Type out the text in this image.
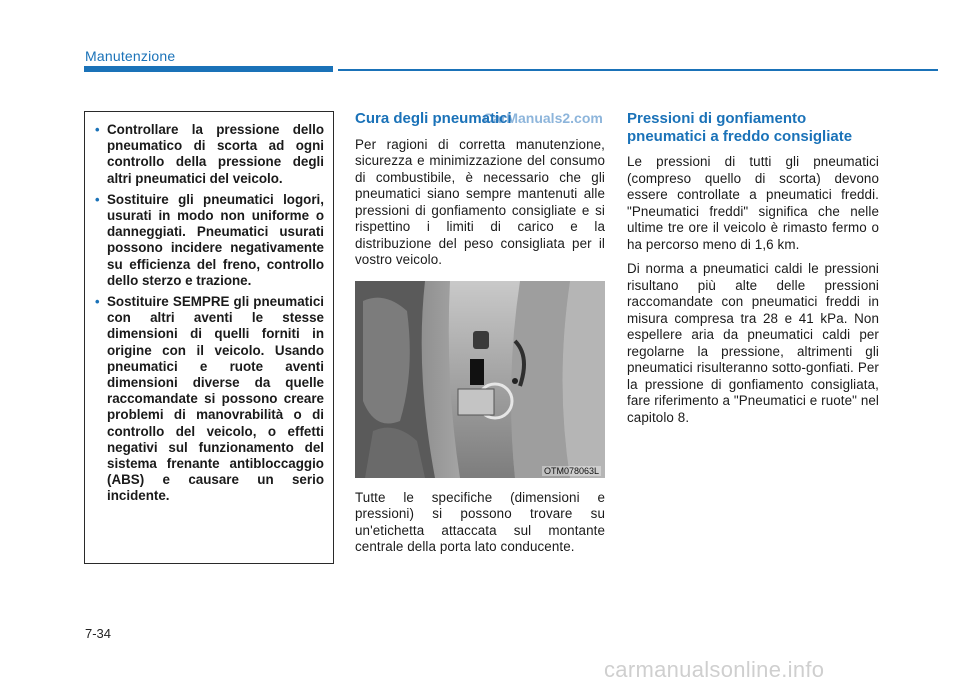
Manutenzione
• Controllare la pressione dello pneumatico di scorta ad ogni controllo della pressione degli altri pneumatici del veicolo.
• Sostituire gli pneumatici logori, usurati in modo non uniforme o danneggiati. Pneumatici usurati possono incidere negativamente su efficienza del freno, controllo dello sterzo e trazione.
• Sostituire SEMPRE gli pneumatici con altri aventi le stesse dimensioni di quelli forniti in origine con il veicolo. Usando pneumatici e ruote aventi dimensioni diverse da quelle raccomandate si possono creare problemi di manovrabilità o di controllo del veicolo, o effetti negativi sul funzionamento del sistema frenante antibloccaggio (ABS) e causare un serio incidente.
Cura degli pneumatici

Per ragioni di corretta manutenzione, sicurezza e minimizzazione del consumo di combustibile, è necessario che gli pneumatici siano sempre mantenuti alle pressioni di gonfiamento consigliate e si rispettino i limiti di carico e la distribuzione del peso consigliata per il vostro veicolo.

OTM078063L

Tutte le specifiche (dimensioni e pressioni) si possono trovare su un'etichetta attaccata sul montante centrale della porta lato conducente.

Pressioni di gonfiamento pneumatici a freddo consigliate

Le pressioni di tutti gli pneumatici (compreso quello di scorta) devono essere controllate a pneumatici freddi. "Pneumatici freddi" significa che nelle ultime tre ore il veicolo è rimasto fermo o ha percorso meno di 1,6 km.

Di norma a pneumatici caldi le pressioni risultano più alte delle pressioni raccomandate con pneumatici freddi in misura compresa tra 28 e 41 kPa. Non espellere aria da pneumatici caldi per regolarne la pressione, altrimenti gli pneumatici risulteranno sotto-gonfiati. Per la pressione di gonfiamento consigliata, fare riferimento a "Pneumatici e ruote" nel capitolo 8.

CarManuals2.com
7-34
carmanualsonline.info
